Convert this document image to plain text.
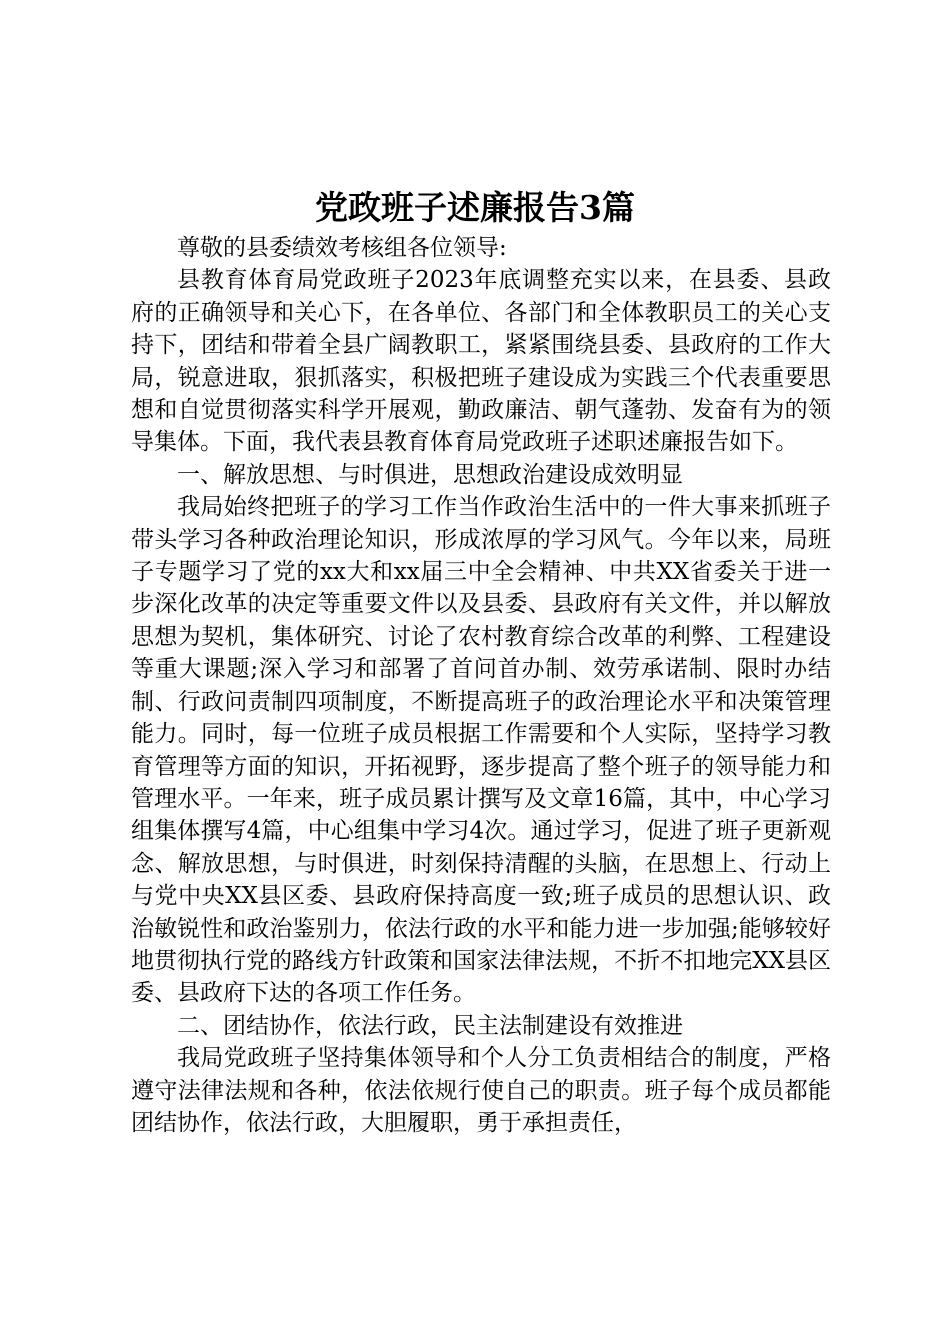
党政班子述廉报告3篇

尊敬的县委绩效考核组各位领导:

县教育体育局党政班子2023年底调整充实以来，在县委、县政府的正确领导和关心下，在各单位、各部门和全体教职员工的关心支持下，团结和带着全县广阔教职工，紧紧围绕县委、县政府的工作大局，锐意进取，狠抓落实，积极把班子建设成为实践三个代表重要思想和自觉贯彻落实科学开展观，勤政廉洁、朝气蓬勃、发奋有为的领导集体。下面，我代表县教育体育局党政班子述职述廉报告如下。

一、解放思想、与时俱进，思想政治建设成效明显

我局始终把班子的学习工作当作政治生活中的一件大事来抓班子带头学习各种政治理论知识，形成浓厚的学习风气。今年以来，局班子专题学习了党的xx大和xx届三中全会精神、中共XX省委关于进一步深化改革的决定等重要文件以及县委、县政府有关文件，并以解放思想为契机，集体研究、讨论了农村教育综合改革的利弊、工程建设等重大课题;深入学习和部署了首问首办制、效劳承诺制、限时办结制、行政问责制四项制度，不断提高班子的政治理论水平和决策管理能力。同时，每一位班子成员根据工作需要和个人实际，坚持学习教育管理等方面的知识，开拓视野，逐步提高了整个班子的领导能力和管理水平。一年来，班子成员累计撰写及文章16篇，其中，中心学习组集体撰写4篇，中心组集中学习4次。通过学习，促进了班子更新观念、解放思想，与时俱进，时刻保持清醒的头脑，在思想上、行动上与党中央XX县区委、县政府保持高度一致;班子成员的思想认识、政治敏锐性和政治鉴别力，依法行政的水平和能力进一步加强;能够较好地贯彻执行党的路线方针政策和国家法律法规，不折不扣地完XX县区委、县政府下达的各项工作任务。

二、团结协作，依法行政，民主法制建设有效推进

我局党政班子坚持集体领导和个人分工负责相结合的制度，严格遵守法律法规和各种，依法依规行使自己的职责。班子每个成员都能团结协作，依法行政，大胆履职，勇于承担责任，
